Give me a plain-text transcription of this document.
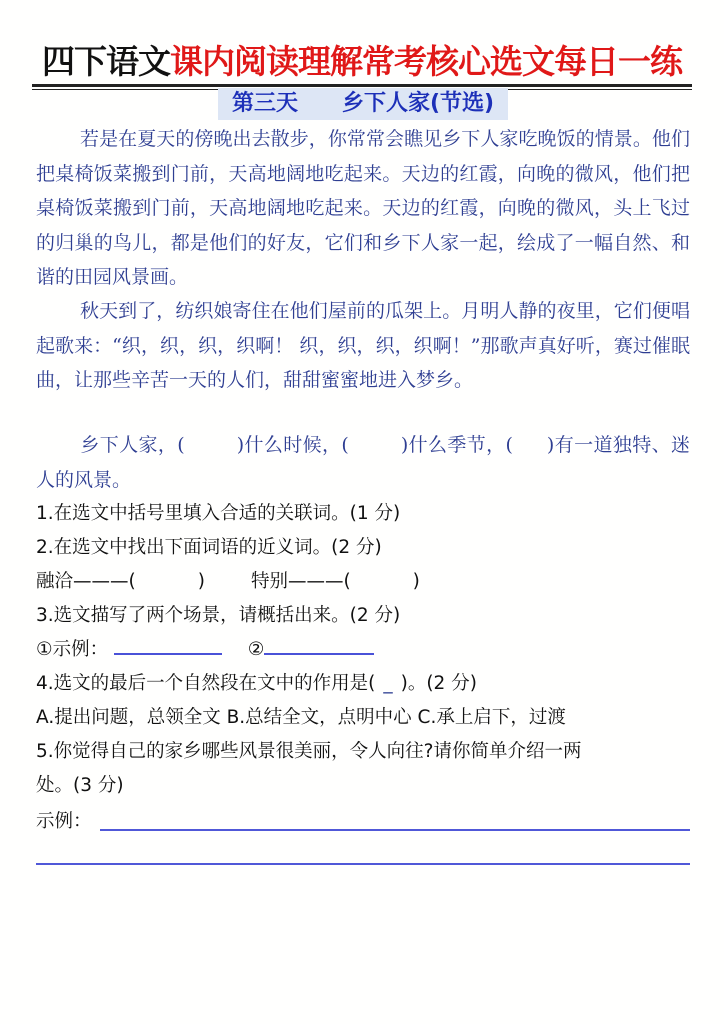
四下语文课内阅读理解常考核心选文每日一练
第三天　　乡下人家(节选)
若是在夏天的傍晚出去散步，你常常会瞧见乡下人家吃晚饭的情景。他们把桌椅饭菜搬到门前，天高地阔地吃起来。天边的红霞，向晚的微风，他们把桌椅饭菜搬到门前，天高地阔地吃起来。天边的红霞，向晚的微风，头上飞过的归巢的鸟儿，都是他们的好友，它们和乡下人家一起，绘成了一幅自然、和谐的田园风景画。
秋天到了，纺织娘寄住在他们屋前的瓜架上。月明人静的夜里，它们便唱起歌来：“织，织，织，织啊！ 织，织，织，织啊！”那歌声真好听，赛过催眠曲，让那些辛苦一天的人们，甜甜蜜蜜地进入梦乡。
乡下人家，(	)什么时候，(	)什么季节，( )有一道独特、迷人的风景。
1.在选文中括号里填入合适的关联词。(1 分)
2.在选文中找出下面词语的近义词。(2 分)
融洽———(	) 特别———(	)
3.选文描写了两个场景，请概括出来。(2 分)
①示例：	②
4.选文的最后一个自然段在文中的作用是( _ )。(2 分)
A.提出问题，总领全文 B.总结全文，点明中心 C.承上启下，过渡
5.你觉得自己的家乡哪些风景很美丽，令人向往?请你简单介绍一两
处。(3 分)
示例：
